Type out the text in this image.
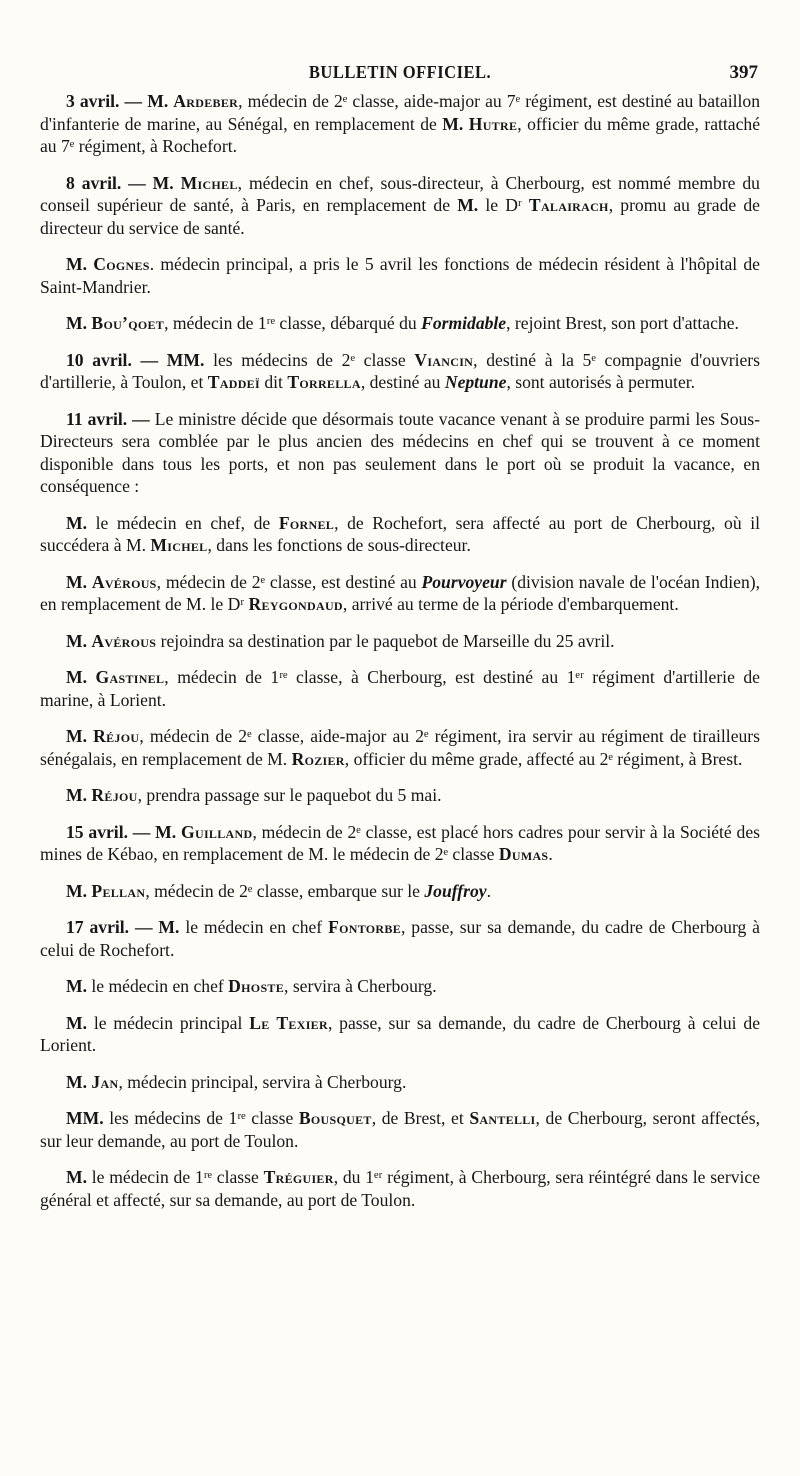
BULLETIN OFFICIEL.	397

3 avril. — M. Ardeber, médecin de 2ᵉ classe, aide-major au 7ᵉ régiment, est destiné au bataillon d'infanterie de marine, au Sénégal, en remplacement de M. Hutre, officier du même grade, rattaché au 7ᵉ régiment, à Rochefort.

8 avril. — M. Michel, médecin en chef, sous-directeur, à Cherbourg, est nommé membre du conseil supérieur de santé, à Paris, en remplacement de M. le Dʳ Talairach, promu au grade de directeur du service de santé.

M. Cognes. médecin principal, a pris le 5 avril les fonctions de médecin résident à l'hôpital de Saint-Mandrier.

M. Bouʼqoet, médecin de 1ʳᵉ classe, débarqué du Formidable, rejoint Brest, son port d'attache.

10 avril. — MM. les médecins de 2ᵉ classe Viancin, destiné à la 5ᵉ compagnie d'ouvriers d'artillerie, à Toulon, et Taddeï dit Torrella, destiné au Neptune, sont autorisés à permuter.

11 avril. — Le ministre décide que désormais toute vacance venant à se produire parmi les Sous-Directeurs sera comblée par le plus ancien des médecins en chef qui se trouvent à ce moment disponible dans tous les ports, et non pas seulement dans le port où se produit la vacance, en conséquence :

M. le médecin en chef, de Fornel, de Rochefort, sera affecté au port de Cherbourg, où il succédera à M. Michel, dans les fonctions de sous-directeur.

M. Avérous, médecin de 2ᵉ classe, est destiné au Pourvoyeur (division navale de l'océan Indien), en remplacement de M. le Dʳ Reygondaud, arrivé au terme de la période d'embarquement.

M. Avérous rejoindra sa destination par le paquebot de Marseille du 25 avril.

M. Gastinel, médecin de 1ʳᵉ classe, à Cherbourg, est destiné au 1ᵉʳ régiment d'artillerie de marine, à Lorient.

M. Réjou, médecin de 2ᵉ classe, aide-major au 2ᵉ régiment, ira servir au régiment de tirailleurs sénégalais, en remplacement de M. Rozier, officier du même grade, affecté au 2ᵉ régiment, à Brest.

M. Réjou, prendra passage sur le paquebot du 5 mai.

15 avril. — M. Guilland, médecin de 2ᵉ classe, est placé hors cadres pour servir à la Société des mines de Kébao, en remplacement de M. le médecin de 2ᵉ classe Dumas.

M. Pellan, médecin de 2ᵉ classe, embarque sur le Jouffroy.

17 avril. — M. le médecin en chef Fontorbe, passe, sur sa demande, du cadre de Cherbourg à celui de Rochefort.

M. le médecin en chef Dhoste, servira à Cherbourg.

M. le médecin principal Le Texier, passe, sur sa demande, du cadre de Cherbourg à celui de Lorient.

M. Jan, médecin principal, servira à Cherbourg.

MM. les médecins de 1ʳᵉ classe Bousquet, de Brest, et Santelli, de Cherbourg, seront affectés, sur leur demande, au port de Toulon.

M. le médecin de 1ʳᵉ classe Tréguier, du 1ᵉʳ régiment, à Cherbourg, sera réintégré dans le service général et affecté, sur sa demande, au port de Toulon.
